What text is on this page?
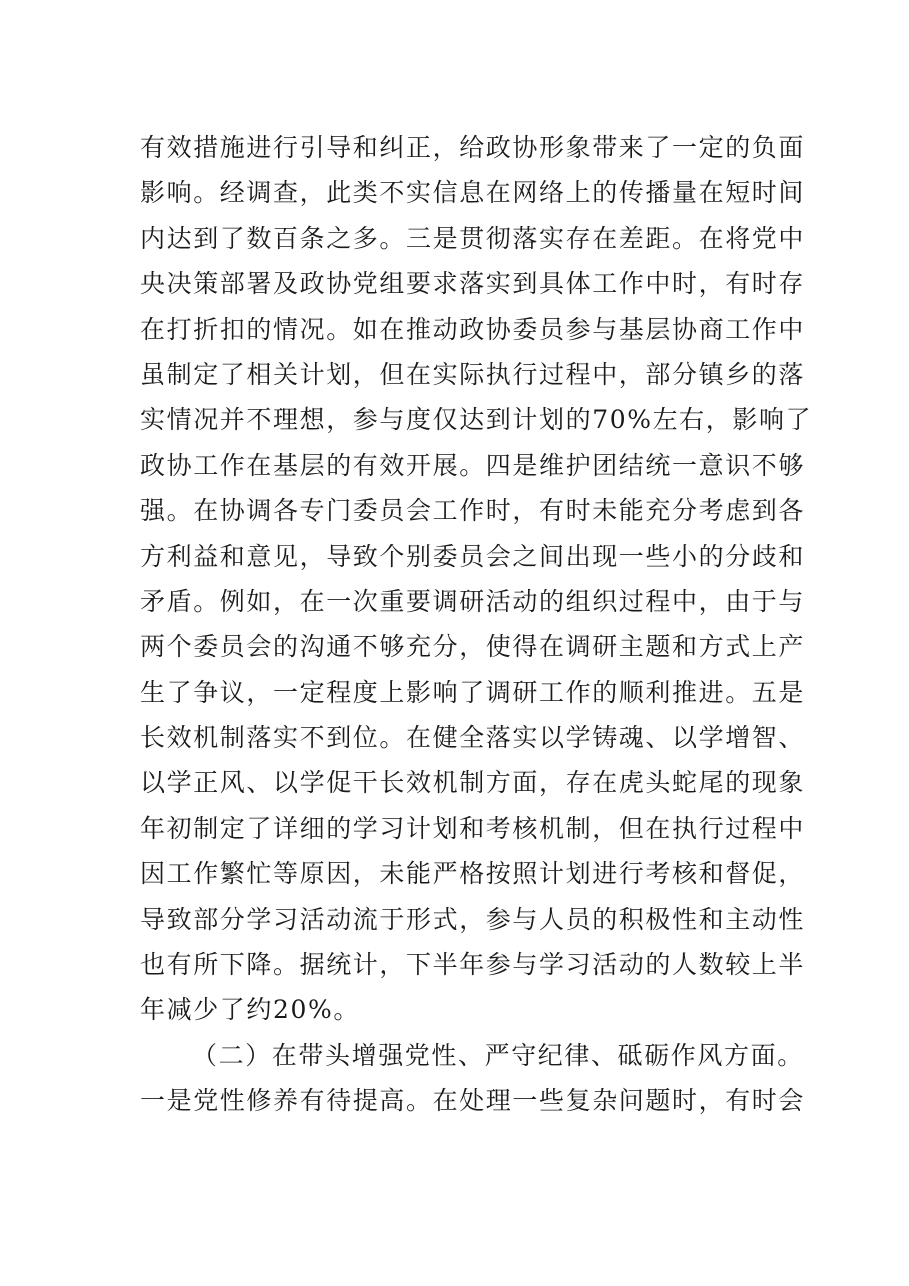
有效措施进行引导和纠正，给政协形象带来了一定的负面
影响。经调查，此类不实信息在网络上的传播量在短时间
内达到了数百条之多。三是贯彻落实存在差距。在将党中
央决策部署及政协党组要求落实到具体工作中时，有时存
在打折扣的情况。如在推动政协委员参与基层协商工作中
虽制定了相关计划，但在实际执行过程中，部分镇乡的落
实情况并不理想，参与度仅达到计划的70%左右，影响了
政协工作在基层的有效开展。四是维护团结统一意识不够
强。在协调各专门委员会工作时，有时未能充分考虑到各
方利益和意见，导致个别委员会之间出现一些小的分歧和
矛盾。例如，在一次重要调研活动的组织过程中，由于与
两个委员会的沟通不够充分，使得在调研主题和方式上产
生了争议，一定程度上影响了调研工作的顺利推进。五是
长效机制落实不到位。在健全落实以学铸魂、以学增智、
以学正风、以学促干长效机制方面，存在虎头蛇尾的现象
年初制定了详细的学习计划和考核机制，但在执行过程中
因工作繁忙等原因，未能严格按照计划进行考核和督促，
导致部分学习活动流于形式，参与人员的积极性和主动性
也有所下降。据统计，下半年参与学习活动的人数较上半
年减少了约20%。
（二）在带头增强党性、严守纪律、砥砺作风方面。
一是党性修养有待提高。在处理一些复杂问题时，有时会
